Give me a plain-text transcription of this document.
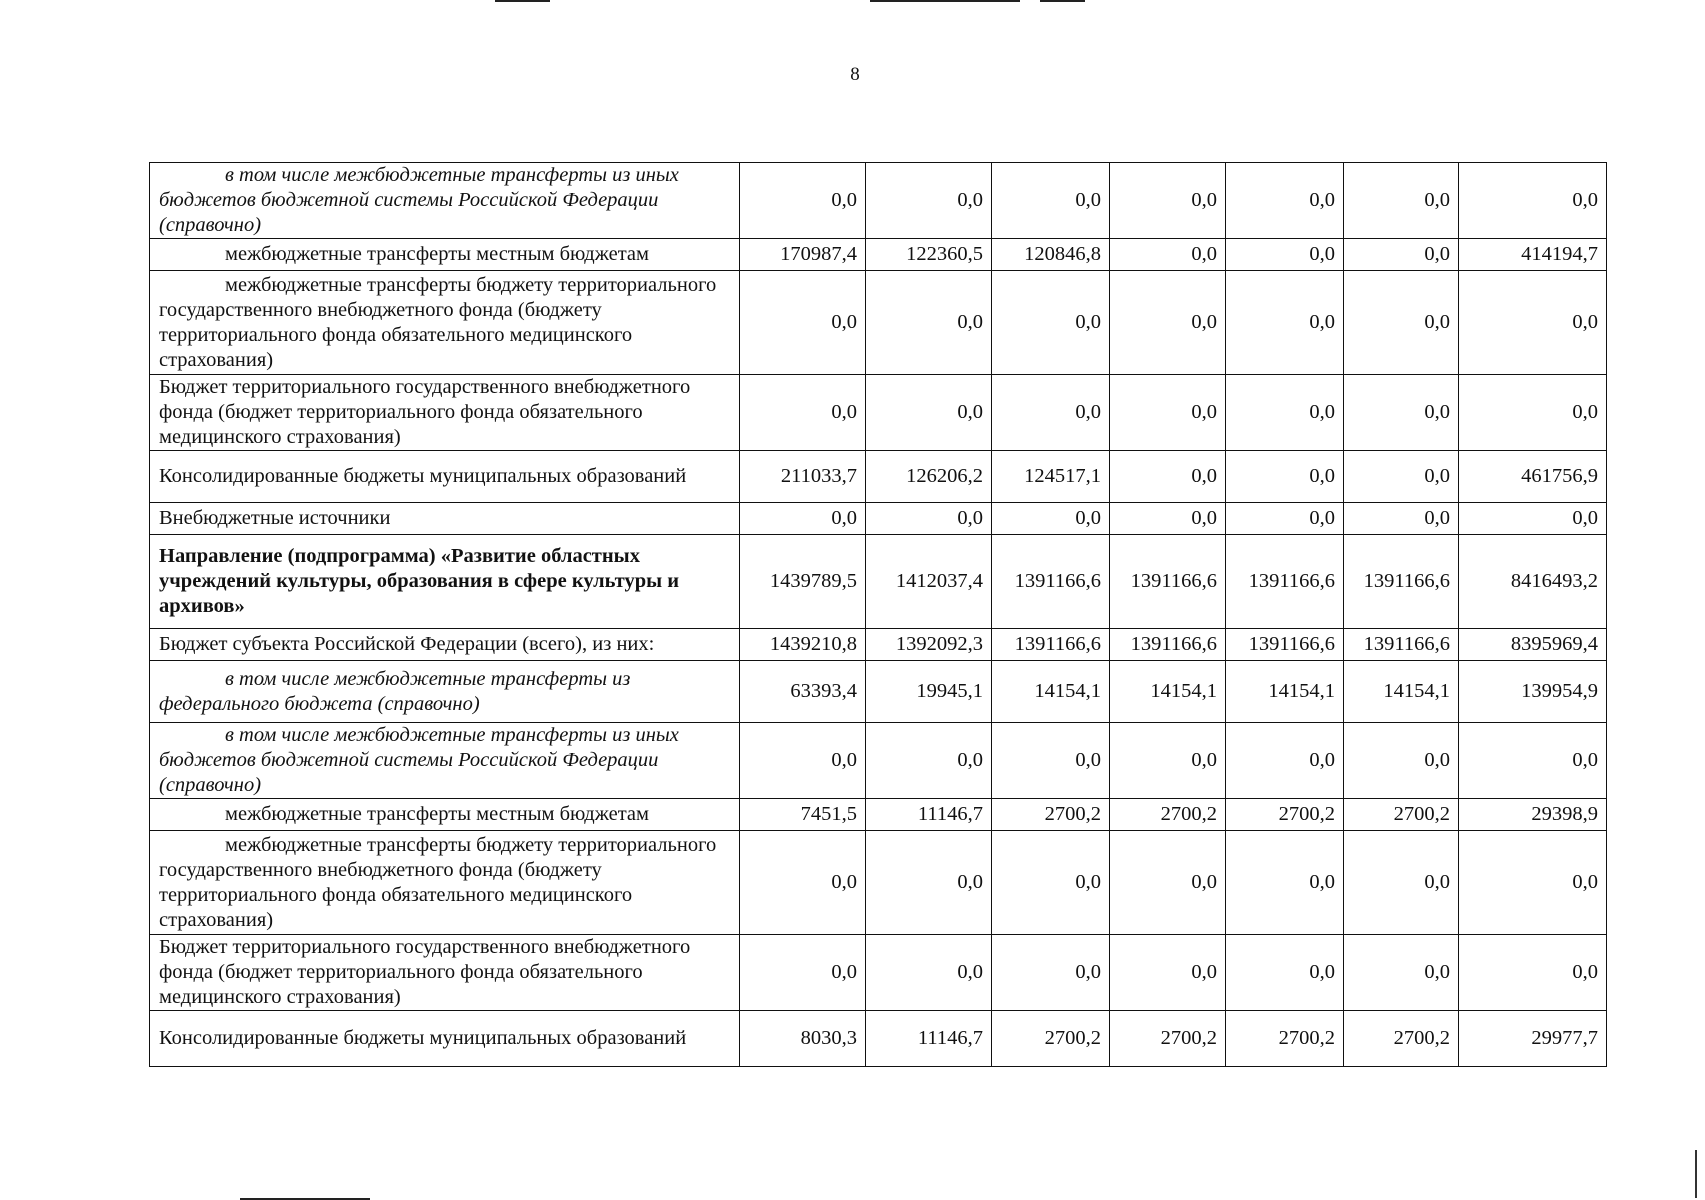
8
в том числе межбюджетные трансферты из иных бюджетов бюджетной системы Российской Федерации (справочно)	0,0	0,0	0,0	0,0	0,0	0,0	0,0
межбюджетные трансферты местным бюджетам	170987,4	122360,5	120846,8	0,0	0,0	0,0	414194,7
межбюджетные трансферты бюджету территориального государственного внебюджетного фонда (бюджету территориального фонда обязательного медицинского страхования)	0,0	0,0	0,0	0,0	0,0	0,0	0,0
Бюджет территориального государственного внебюджетного фонда (бюджет территориального фонда обязательного медицинского страхования)	0,0	0,0	0,0	0,0	0,0	0,0	0,0
Консолидированные бюджеты муниципальных образований	211033,7	126206,2	124517,1	0,0	0,0	0,0	461756,9
Внебюджетные источники	0,0	0,0	0,0	0,0	0,0	0,0	0,0
Направление (подпрограмма) «Развитие областных учреждений культуры, образования в сфере культуры и архивов»	1439789,5	1412037,4	1391166,6	1391166,6	1391166,6	1391166,6	8416493,2
Бюджет субъекта Российской Федерации (всего), из них:	1439210,8	1392092,3	1391166,6	1391166,6	1391166,6	1391166,6	8395969,4
в том числе межбюджетные трансферты из федерального бюджета (справочно)	63393,4	19945,1	14154,1	14154,1	14154,1	14154,1	139954,9
в том числе межбюджетные трансферты из иных бюджетов бюджетной системы Российской Федерации (справочно)	0,0	0,0	0,0	0,0	0,0	0,0	0,0
межбюджетные трансферты местным бюджетам	7451,5	11146,7	2700,2	2700,2	2700,2	2700,2	29398,9
межбюджетные трансферты бюджету территориального государственного внебюджетного фонда (бюджету территориального фонда обязательного медицинского страхования)	0,0	0,0	0,0	0,0	0,0	0,0	0,0
Бюджет территориального государственного внебюджетного фонда (бюджет территориального фонда обязательного медицинского страхования)	0,0	0,0	0,0	0,0	0,0	0,0	0,0
Консолидированные бюджеты муниципальных образований	8030,3	11146,7	2700,2	2700,2	2700,2	2700,2	29977,7
